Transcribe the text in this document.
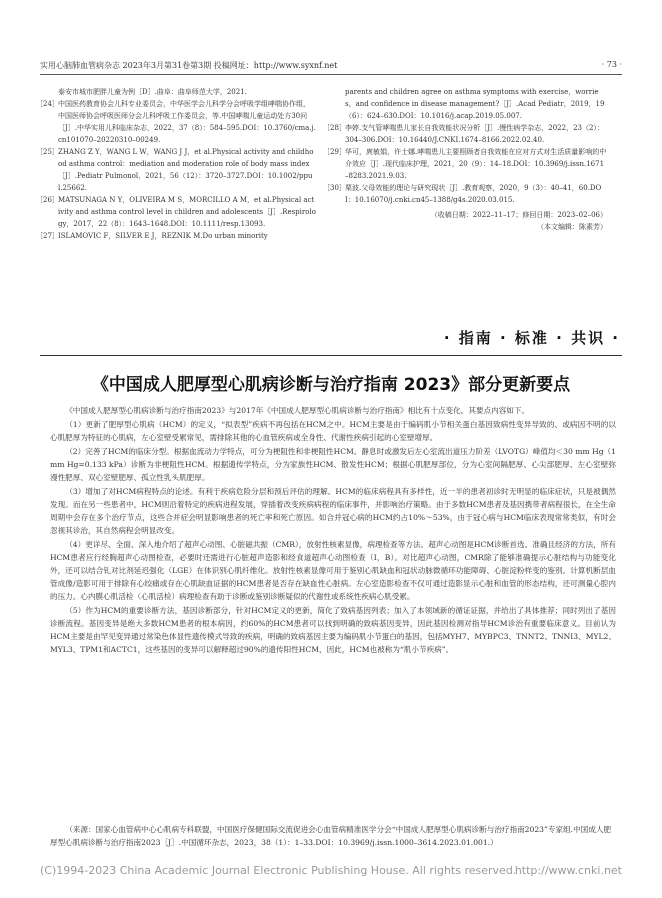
实用心脑肺血管病杂志 2023年3月第31卷第3期 投稿网址：http://www.syxnf.net	· 73 ·
泰安市城市肥胖儿童为例［D］.曲阜：曲阜师范大学，2021.
［24］ 中国医药教育协会儿科专业委员会，中华医学会儿科学分会呼吸学组哮喘协作组，中国医师协会呼吸医师分会儿科呼吸工作委员会，等.中国哮喘儿童运动处方30问［J］.中华实用儿科临床杂志，2022，37（8）：584–595.DOI：10.3760/cma.j.cn101070–20220310–00249.
［25］ ZHANG Z Y，WANG L W，WANG J J，et al.Physical activity and childhood asthma control：mediation and moderation role of body mass index［J］.Pediatr Pulmonol，2021，56（12）：3720–3727.DOI：10.1002/ppul.25662.
［26］ MATSUNAGA N Y，OLIVEIRA M S，MORCILLO A M，et al.Physical activity and asthma control level in children and adolescents［J］.Respirology，2017，22（8）：1643–1648.DOI：10.1111/resp.13093.
［27］ ISLAMOVIC F，SILVER E J，REZNIK M.Do urban minority
parents and children agree on asthma symptoms with exercise，worries，and confidence in disease management?［J］.Acad Pediatr，2019，19（6）：624–630.DOI：10.1016/j.acap.2019.05.007.
［28］ 李婷.支气管哮喘患儿家长自我效能状况分析［J］.慢性病学杂志，2022，23（2）：304–306.DOI：10.16440/J.CNKI.1674–8166.2022.02.40.
［29］ 华可，庹敏娟，许士娜.哮喘患儿主要照顾者自我效能在应对方式对生活质量影响的中介效应［J］.现代临床护理，2021，20（9）：14–18.DOI：10.3969/j.issn.1671–8283.2021.9.03.
［30］ 栗波.父母效能的理论与研究现状［J］.教育观察，2020，9（3）：40–41，60.DOI：10.16070/j.cnki.cn45–1388/g4s.2020.03.015.
（收稿日期：2022–11–17；修回日期：2023–02–06）
（本文编辑：陈素芳）
· 指南 · 标准 · 共识 ·
《中国成人肥厚型心肌病诊断与治疗指南 2023》部分更新要点

《中国成人肥厚型心肌病诊断与治疗指南2023》与2017年《中国成人肥厚型心肌病诊断与治疗指南》相比有十点变化，其要点内容如下。

（1）更新了肥厚型心肌病（HCM）的定义，“拟表型”疾病不再包括在HCM之中。HCM主要是由于编码肌小节相关蛋白基因致病性变异导致的、或病因不明的以心肌肥厚为特征的心肌病，左心室壁受累常见，需排除其他的心血管疾病或全身性、代谢性疾病引起的心室壁增厚。

（2）完善了HCM的临床分型。根据血流动力学特点，可分为梗阻性和非梗阻性HCM。静息时或激发后左心室流出道压力阶差（LVOTG）峰值均＜30 mm Hg（1 mm Hg=0.133 kPa）诊断为非梗阻性HCM。根据遗传学特点，分为家族性HCM、散发性HCM；根据心肌肥厚部位，分为心室间隔肥厚、心尖部肥厚、左心室壁弥漫性肥厚、双心室壁肥厚、孤立性乳头肌肥厚。

（3）增加了对HCM病程特点的论述。有利于疾病危险分层和预后评估的理解。HCM的临床病程具有多样性，近一半的患者初诊时无明显的临床症状，只是被偶然发现。而在另一些患者中，HCM则沿着特定的疾病进程发展，穿插着改变疾病病程的临床事件，并影响治疗策略。由于多数HCM患者及基因携带者病程很长，在全生命周期中会存在多个治疗节点，这些合并症会明显影响患者的死亡率和死亡原因。如合并冠心病的HCM约占10%～53%，由于冠心病与HCM临床表现常常类似，有时会忽视其诊治，其自然病程会明显改变。

（4）更详尽、全面、深入地介绍了超声心动图、心脏磁共振（CMR），放射性核素显像，病理检查等方法。超声心动图是HCM诊断首选、准确且经济的方法，所有HCM患者应行经胸超声心动图检查，必要时还需进行心脏超声造影和经食道超声心动图检查（Ⅰ，B）。对比超声心动图，CMR除了能够准确提示心脏结构与功能变化外，还可以结合钆对比剂延迟强化（LGE）在体识别心肌纤维化。放射性核素显像可用于鉴别心肌缺血和冠状动脉微循环功能障碍、心脏淀粉样变的鉴别。计算机断层血管成像/造影可用于排除有心绞痛或存在心肌缺血证据的HCM患者是否存在缺血性心脏病。左心室造影检查不仅可通过造影显示心脏和血管的形态结构，还可测量心腔内的压力。心内膜心肌活检（心肌活检）病理检查有助于诊断或鉴别诊断疑似的代谢性或系统性疾病心肌受累。

（5）作为HCM的重要诊断方法，基因诊断部分，针对HCM定义的更新，简化了致病基因列表；加入了本领域新的循证证据，并给出了具体推荐；同时列出了基因诊断流程。基因变异是绝大多数HCM患者的根本病因，约60%的HCM患者可以找到明确的致病基因变异，因此基因检测对指导HCM诊治有重要临床意义。目前认为HCM主要是由罕见变异通过常染色体显性遗传模式导致的疾病，明确的致病基因主要为编码肌小节蛋白的基因，包括MYH7、MYBPC3、TNNT2、TNNI3、MYL2、MYL3、TPM1和ACTC1，这些基因的变异可以解释超过90%的遗传阳性HCM，因此，HCM也被称为“肌小节疾病”。

（来源：国家心血管病中心心肌病专科联盟，中国医疗保健国际交流促进会心血管病精准医学分会“中国成人肥厚型心肌病诊断与治疗指南2023”专家组.中国成人肥厚型心肌病诊断与治疗指南2023［J］.中国循环杂志，2023，38（1）：1–33.DOI：10.3969/j.issn.1000–3614.2023.01.001.）
(C)1994-2023 China Academic Journal Electronic Publishing House. All rights reserved.
http://www.cnki.net
